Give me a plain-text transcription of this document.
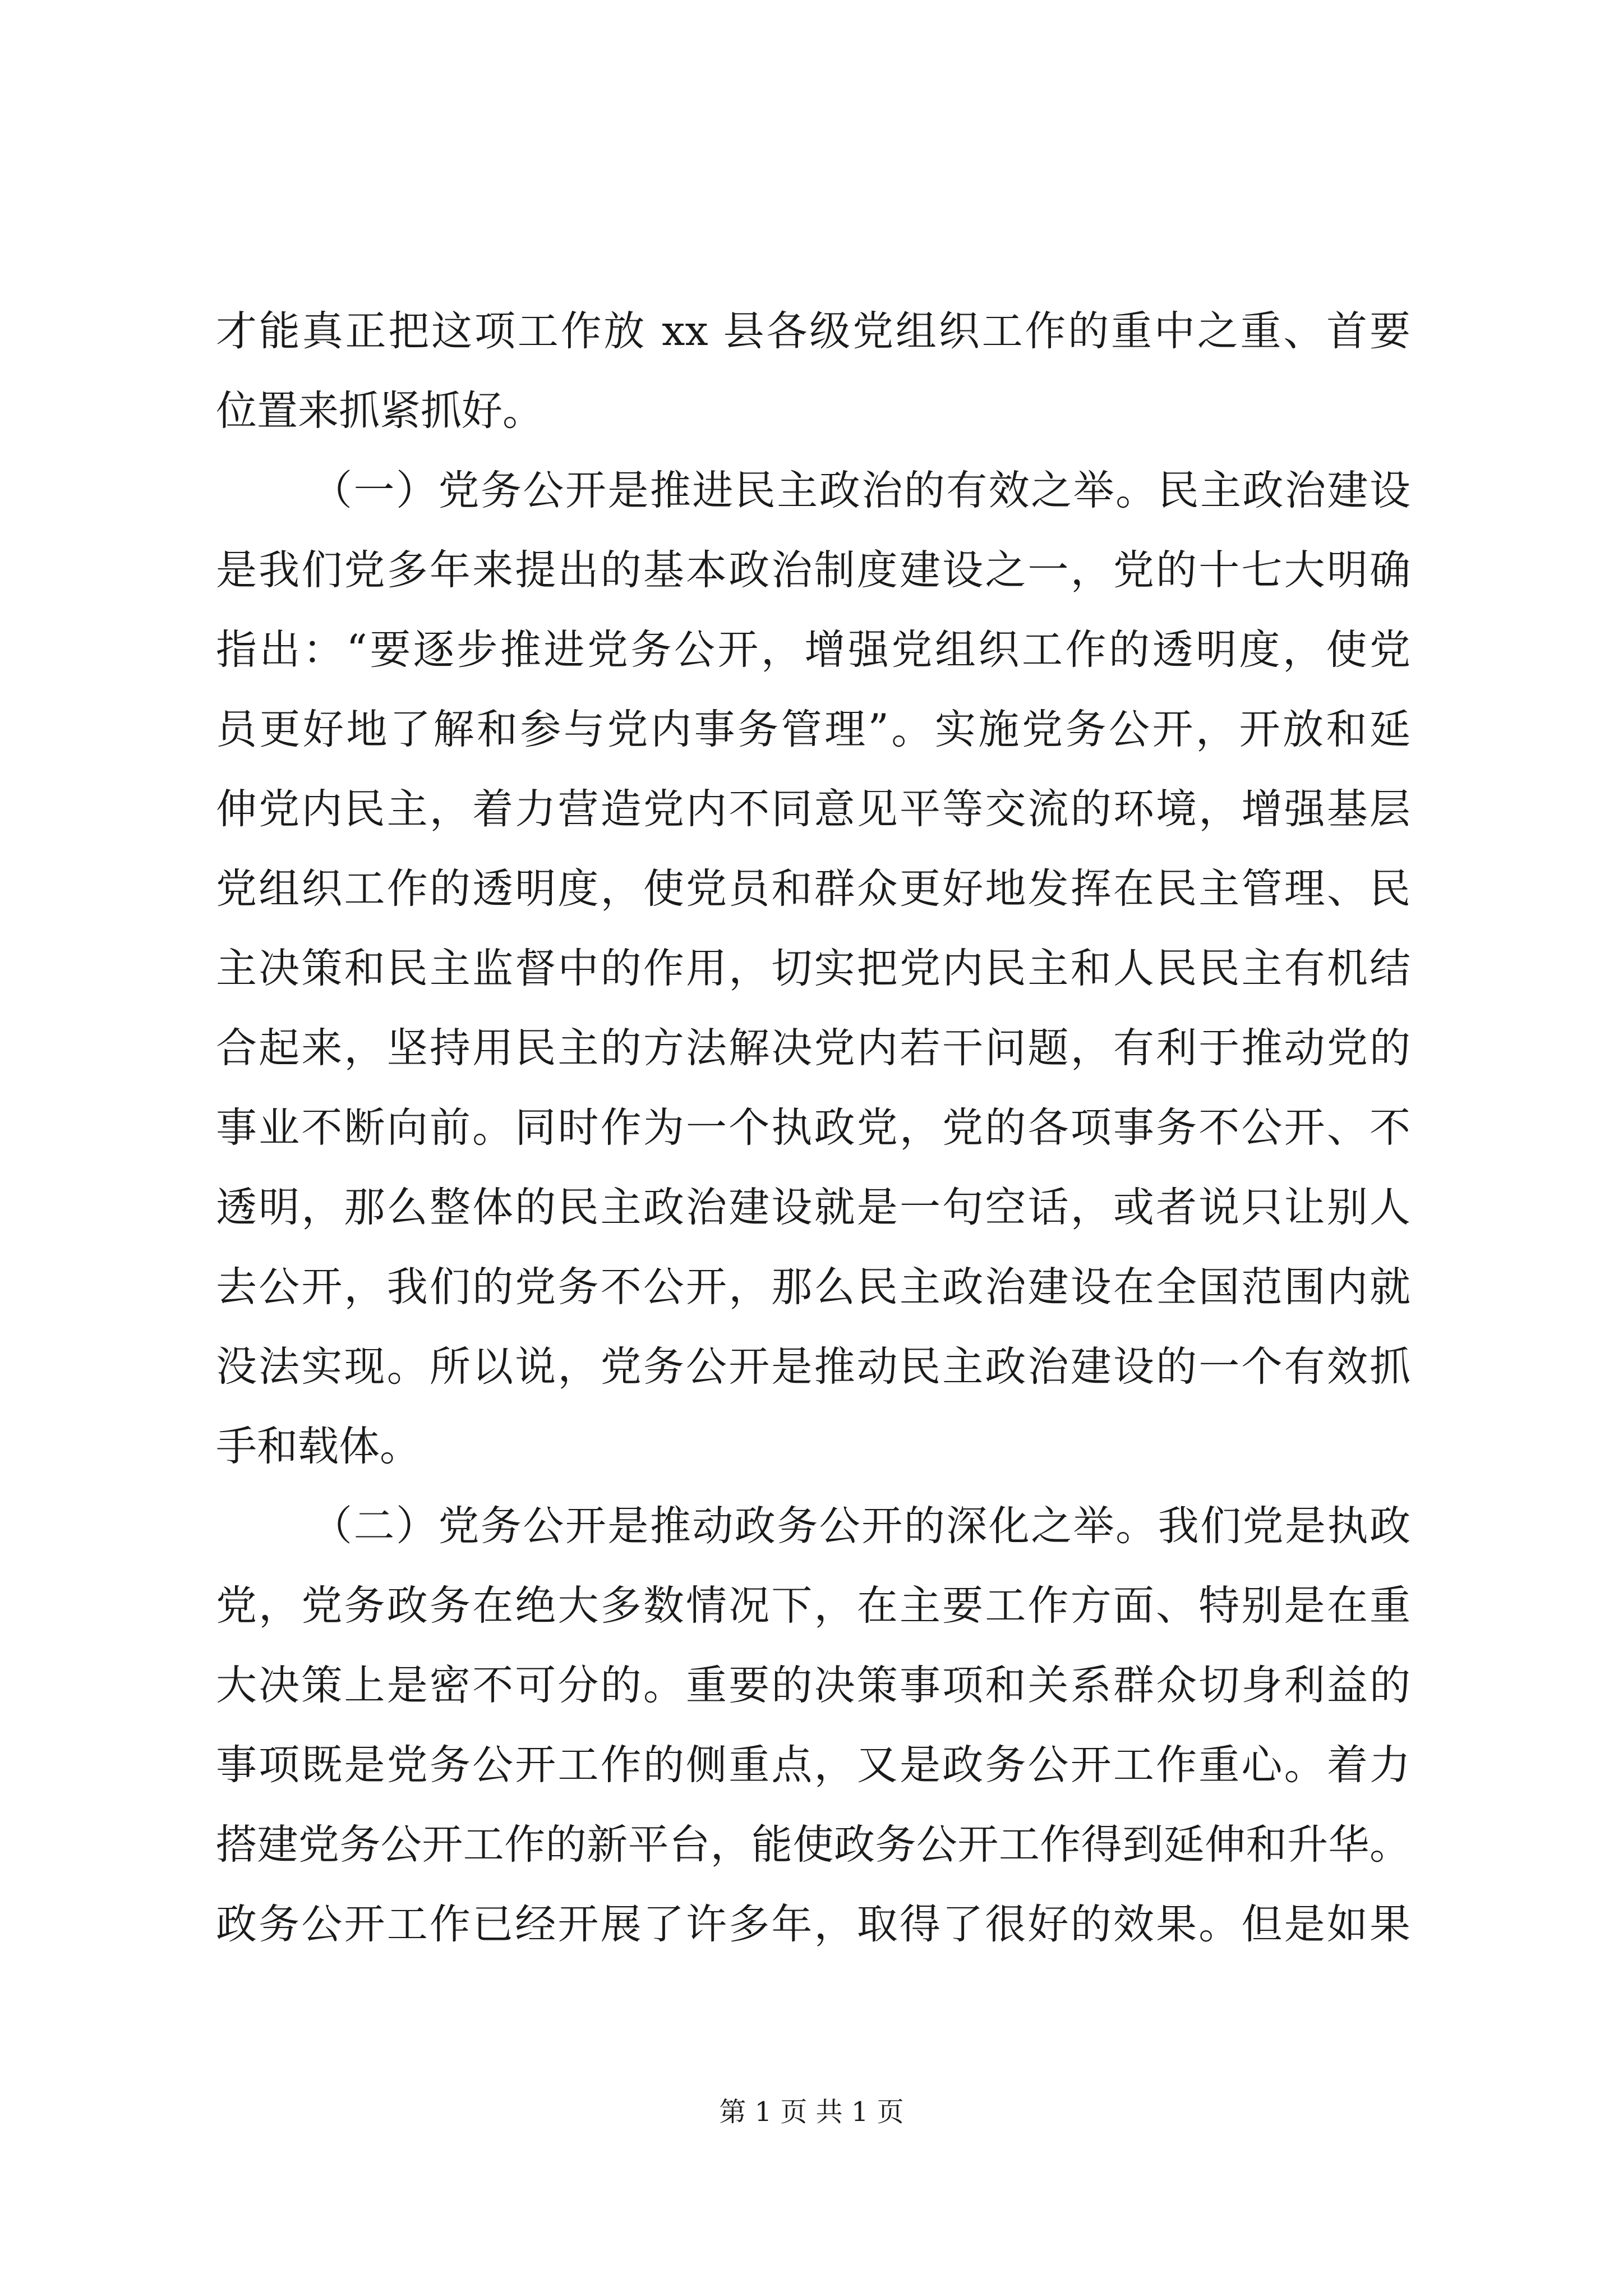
才能真正把这项工作放 xx 县各级党组织工作的重中之重、首要
位置来抓紧抓好。
（一）党务公开是推进民主政治的有效之举。民主政治建设
是我们党多年来提出的基本政治制度建设之一，党的十七大明确
指出：“要逐步推进党务公开，增强党组织工作的透明度，使党
员更好地了解和参与党内事务管理”。实施党务公开，开放和延
伸党内民主，着力营造党内不同意见平等交流的环境，增强基层
党组织工作的透明度，使党员和群众更好地发挥在民主管理、民
主决策和民主监督中的作用，切实把党内民主和人民民主有机结
合起来，坚持用民主的方法解决党内若干问题，有利于推动党的
事业不断向前。同时作为一个执政党，党的各项事务不公开、不
透明，那么整体的民主政治建设就是一句空话，或者说只让别人
去公开，我们的党务不公开，那么民主政治建设在全国范围内就
没法实现。所以说，党务公开是推动民主政治建设的一个有效抓
手和载体。
（二）党务公开是推动政务公开的深化之举。我们党是执政
党，党务政务在绝大多数情况下，在主要工作方面、特别是在重
大决策上是密不可分的。重要的决策事项和关系群众切身利益的
事项既是党务公开工作的侧重点，又是政务公开工作重心。着力
搭建党务公开工作的新平台，能使政务公开工作得到延伸和升华。
政务公开工作已经开展了许多年，取得了很好的效果。但是如果
第 1 页 共 1 页
